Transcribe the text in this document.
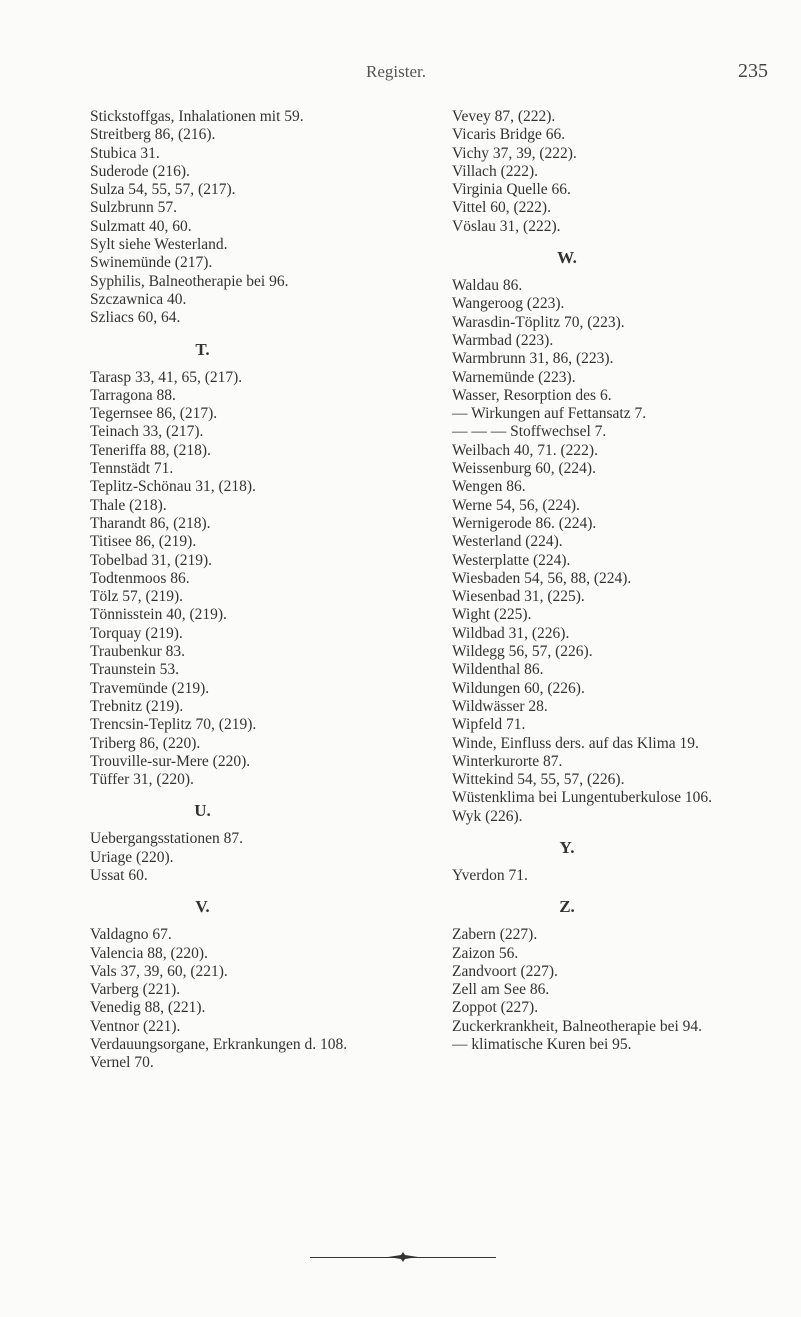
Register.	235
Stickstoffgas, Inhalationen mit 59.
Streitberg 86, (216).
Stubica 31.
Suderode (216).
Sulza 54, 55, 57, (217).
Sulzbrunn 57.
Sulzmatt 40, 60.
Sylt siehe Westerland.
Swinemünde (217).
Syphilis, Balneotherapie bei 96.
Szczawnica 40.
Szliacs 60, 64.
T.
Tarasp 33, 41, 65, (217).
Tarragona 88.
Tegernsee 86, (217).
Teinach 33, (217).
Teneriffa 88, (218).
Tennstädt 71.
Teplitz-Schönau 31, (218).
Thale (218).
Tharandt 86, (218).
Titisee 86, (219).
Tobelbad 31, (219).
Todtenmoos 86.
Tölz 57, (219).
Tönnisstein 40, (219).
Torquay (219).
Traubenkur 83.
Traunstein 53.
Travemünde (219).
Trebnitz (219).
Trencsin-Teplitz 70, (219).
Triberg 86, (220).
Trouville-sur-Mere (220).
Tüffer 31, (220).
U.
Uebergangsstationen 87.
Uriage (220).
Ussat 60.
V.
Valdagno 67.
Valencia 88, (220).
Vals 37, 39, 60, (221).
Varberg (221).
Venedig 88, (221).
Ventnor (221).
Verdauungsorgane, Erkrankungen d. 108.
Vernel 70.
Vevey 87, (222).
Vicaris Bridge 66.
Vichy 37, 39, (222).
Villach (222).
Virginia Quelle 66.
Vittel 60, (222).
Vöslau 31, (222).
W.
Waldau 86.
Wangeroog (223).
Warasdin-Töplitz 70, (223).
Warmbad (223).
Warmbrunn 31, 86, (223).
Warnemünde (223).
Wasser, Resorption des 6.
— Wirkungen auf Fettansatz 7.
— — — Stoffwechsel 7.
Weilbach 40, 71. (222).
Weissenburg 60, (224).
Wengen 86.
Werne 54, 56, (224).
Wernigerode 86. (224).
Westerland (224).
Westerplatte (224).
Wiesbaden 54, 56, 88, (224).
Wiesenbad 31, (225).
Wight (225).
Wildbad 31, (226).
Wildegg 56, 57, (226).
Wildenthal 86.
Wildungen 60, (226).
Wildwässer 28.
Wipfeld 71.
Winde, Einfluss ders. auf das Klima 19.
Winterkurorte 87.
Wittekind 54, 55, 57, (226).
Wüstenklima bei Lungentuberkulose 106.
Wyk (226).
Y.
Yverdon 71.
Z.
Zabern (227).
Zaizon 56.
Zandvoort (227).
Zell am See 86.
Zoppot (227).
Zuckerkrankheit, Balneotherapie bei 94.
— klimatische Kuren bei 95.
